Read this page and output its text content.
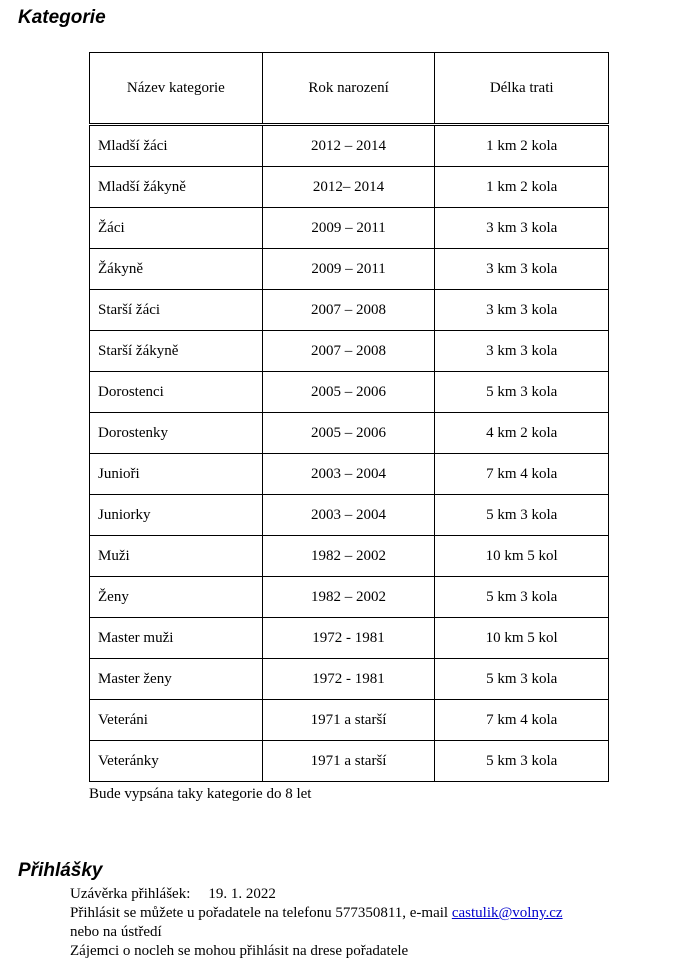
Kategorie
Název kategorie	Rok narození	Délka trati
Mladší žáci	2012 – 2014	1 km 2 kola
Mladší žákyně	2012– 2014	1 km 2 kola
Žáci	2009 – 2011	3 km 3 kola
Žákyně	2009 – 2011	3 km 3 kola
Starší žáci	2007 – 2008	3 km 3 kola
Starší žákyně	2007 – 2008	3 km 3 kola
Dorostenci	2005 – 2006	5 km 3 kola
Dorostenky	2005 – 2006	4 km 2 kola
Junioři	2003 – 2004	7 km 4 kola
Juniorky	2003 – 2004	5 km 3 kola
Muži	1982 – 2002	10 km 5 kol
Ženy	1982 – 2002	5 km 3 kola
Master muži	1972 - 1981	10 km 5 kol
Master ženy	1972 - 1981	5 km 3 kola
Veteráni	1971 a starší	7 km 4 kola
Veteránky	1971 a starší	5 km 3 kola
Bude vypsána taky kategorie do 8 let
Přihlášky

Uzávěrka přihlášek: 19. 1. 2022

Přihlásit se můžete u pořadatele na telefonu 577350811, e-mail castulik@volny.cz

nebo na ústředí

Zájemci o nocleh se mohou přihlásit na drese pořadatele
